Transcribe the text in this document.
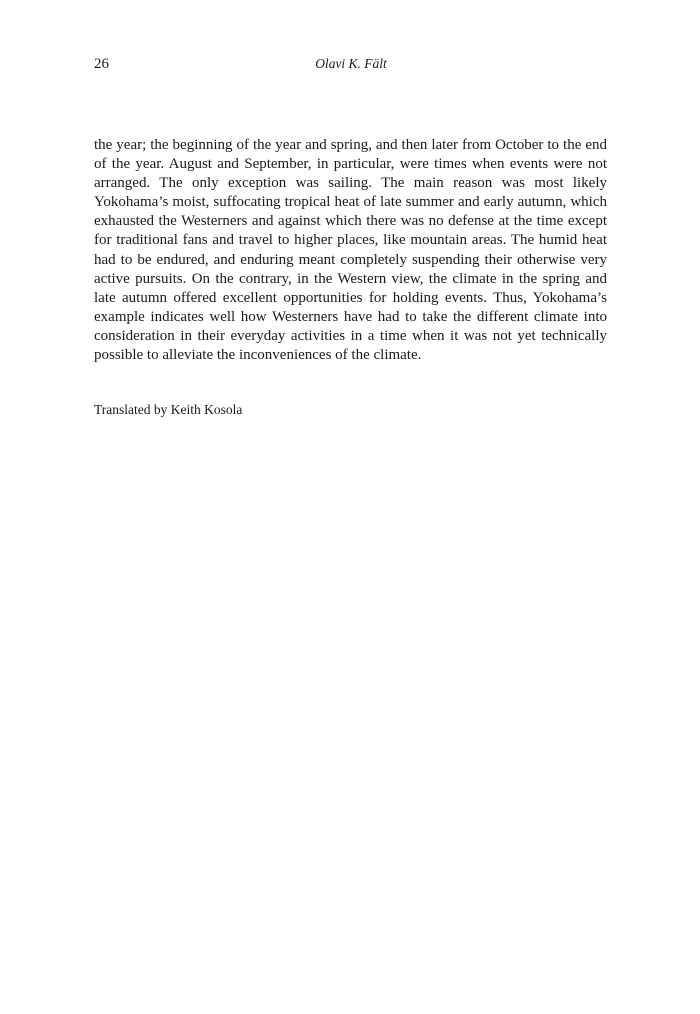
26	Olavi K. Fält

the year; the beginning of the year and spring, and then later from October to the end of the year. August and September, in particular, were times when events were not arranged. The only exception was sailing. The main reason was most likely Yokohama’s moist, suffocating tropical heat of late summer and early autumn, which exhausted the Westerners and against which there was no defense at the time except for traditional fans and travel to higher places, like mountain areas. The humid heat had to be endured, and enduring meant completely suspending their otherwise very active pursuits. On the contrary, in the Western view, the climate in the spring and late autumn offered excellent opportunities for holding events. Thus, Yokohama’s example indicates well how Westerners have had to take the different climate into consideration in their everyday activities in a time when it was not yet technically possible to alleviate the inconveniences of the climate.

Translated by Keith Kosola
